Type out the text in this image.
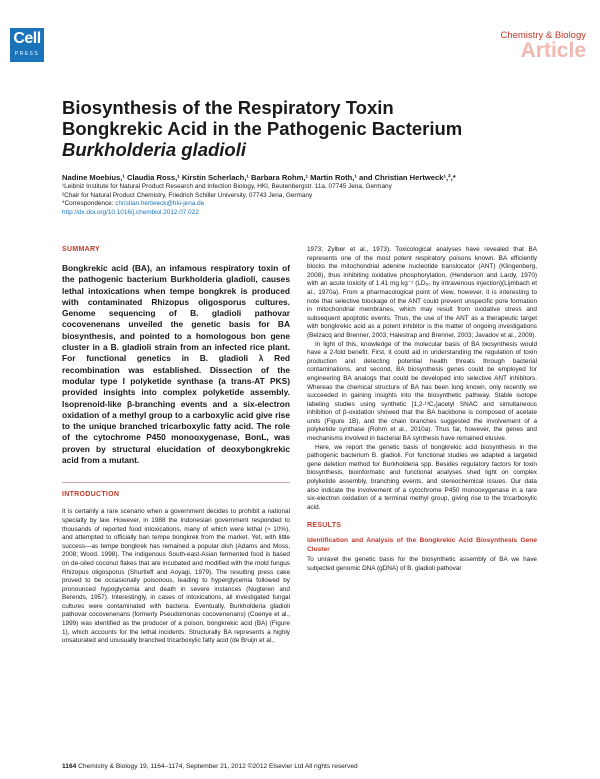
Cell
PRESS
Chemistry & Biology
Article
Biosynthesis of the Respiratory Toxin
Bongkrekic Acid in the Pathogenic Bacterium
Burkholderia gladioli
Nadine Moebius,¹ Claudia Ross,¹ Kirstin Scherlach,¹ Barbara Rohm,¹ Martin Roth,¹ and Christian Hertweck¹,²,*
¹Leibniz Institute for Natural Product Research and Infection Biology, HKI, Beutenbergstr. 11a, 07745 Jena, Germany
²Chair for Natural Product Chemistry, Friedrich Schiller University, 07743 Jena, Germany
*Correspondence: christian.hertweck@hki-jena.de
http://dx.doi.org/10.1016/j.chembiol.2012.07.022
SUMMARY

Bongkrekic acid (BA), an infamous respiratory toxin of the pathogenic bacterium Burkholderia gladioli, causes lethal intoxications when tempe bongkrek is produced with contaminated Rhizopus oligosporus cultures. Genome sequencing of B. gladioli pathovar cocovenenans unveiled the genetic basis for BA biosynthesis, and pointed to a homologous bon gene cluster in a B. gladioli strain from an infected rice plant. For functional genetics in B. gladioli λ Red recombination was established. Dissection of the modular type I polyketide synthase (a trans-AT PKS) provided insights into complex polyketide assembly. Isoprenoid-like β-branching events and a six-electron oxidation of a methyl group to a carboxylic acid give rise to the unique branched tricarboxylic fatty acid. The role of the cytochrome P450 monooxygenase, BonL, was proven by structural elucidation of deoxybongkrekic acid from a mutant.

INTRODUCTION

It is certainly a rare scenario when a government decides to prohibit a national specialty by law. However, in 1988 the Indonesian government responded to thousands of reported food intoxications, many of which were lethal (≈ 10%), and attempted to officially ban tempe bongkrek from the market. Yet, with little success—as tempe bongkrek has remained a popular dish (Adams and Moss, 2008; Wood, 1998). The indigenous South-east-Asian fermented food is based on de-oiled coconut flakes that are incubated and modified with the mold fungus Rhizopus oligosporus (Shurtleff and Aoyagi, 1979). The resulting press cake proved to be occasionally poisonous, leading to hyperglycemia followed by pronounced hypoglycemia and death in severe instances (Nugteren and Berends, 1957). Interestingly, in cases of intoxications, all investigated fungal cultures were contaminated with bacteria. Eventually, Burkholderia gladioli pathovar cocovenenans (formerly Pseudomonas cocovenenans) (Coenye et al., 1999) was identified as the producer of a poison, bongkrekic acid (BA) (Figure 1), which accounts for the lethal incidents. Structurally BA represents a highly unsaturated and unusually branched tricarboxylic fatty acid (de Bruijn et al.,

1973; Zylber et al., 1973). Toxicological analyses have revealed that BA represents one of the most potent respiratory poisons known. BA efficiently blocks the mitochondrial adenine nucleotide translocator (ANT) (Klingenberg, 2008), thus inhibiting oxidative phosphorylation, (Henderson and Lardy, 1970) with an acute toxicity of 1.41 mg kg⁻¹ (LD₅₀ by intravenous injection)(Lijmbach et al., 1970a). From a pharmacological point of view, however, it is interesting to note that selective blockage of the ANT could prevent unspecific pore formation in mitochondrial membranes, which may result from oxidative stress and subsequent apoptotic events. Thus, the use of the ANT as a therapeutic target with bongkrekic acid as a potent inhibitor is the matter of ongoing investigations (Belzacq and Brenner, 2003; Halestrap and Brenner, 2003; Javadov et al., 2009).

In light of this, knowledge of the molecular basis of BA biosynthesis would have a 2-fold benefit. First, it could aid in understanding the regulation of toxin production and detecting potential health threats through bacterial contaminations, and second, BA biosynthesis genes could be employed for engineering BA analogs that could be developed into selective ANT inhibitors. Whereas the chemical structure of BA has been long known, only recently we succeeded in gaining insights into the biosynthetic pathway. Stable isotope labeling studies using synthetic [1,2-¹³C₂]acetyl SNAC and simultaneous inhibition of β-oxidation showed that the BA backbone is composed of acetate units (Figure 1B), and the chain branches suggested the involvement of a polyketide synthase (Rohm et al., 2010a). Thus far, however, the genes and mechanisms involved in bacterial BA synthesis have remained elusive.

Here, we report the genetic basis of bongkrekic acid biosynthesis in the pathogenic bacterium B. gladioli. For functional studies we adapted a targeted gene deletion method for Burkholderia spp. Besides regulatory factors for toxin biosynthesis, bioinformatic and functional analyses shed light on complex polyketide assembly, branching events, and stereochemical issues. Our data also indicate the involvement of a cytochrome P450 monooxygenase in a rare six-electron oxidation of a terminal methyl group, giving rise to the tricarboxylic acid.

RESULTS
Identification and Analysis of the Bongkrekic Acid Biosynthesis Gene Cluster

To unravel the genetic basis for the biosynthetic assembly of BA we have subjected genomic DNA (gDNA) of B. gladioli pathovar

1164 Chemistry & Biology 19, 1164–1174, September 21, 2012 ©2012 Elsevier Ltd All rights reserved
